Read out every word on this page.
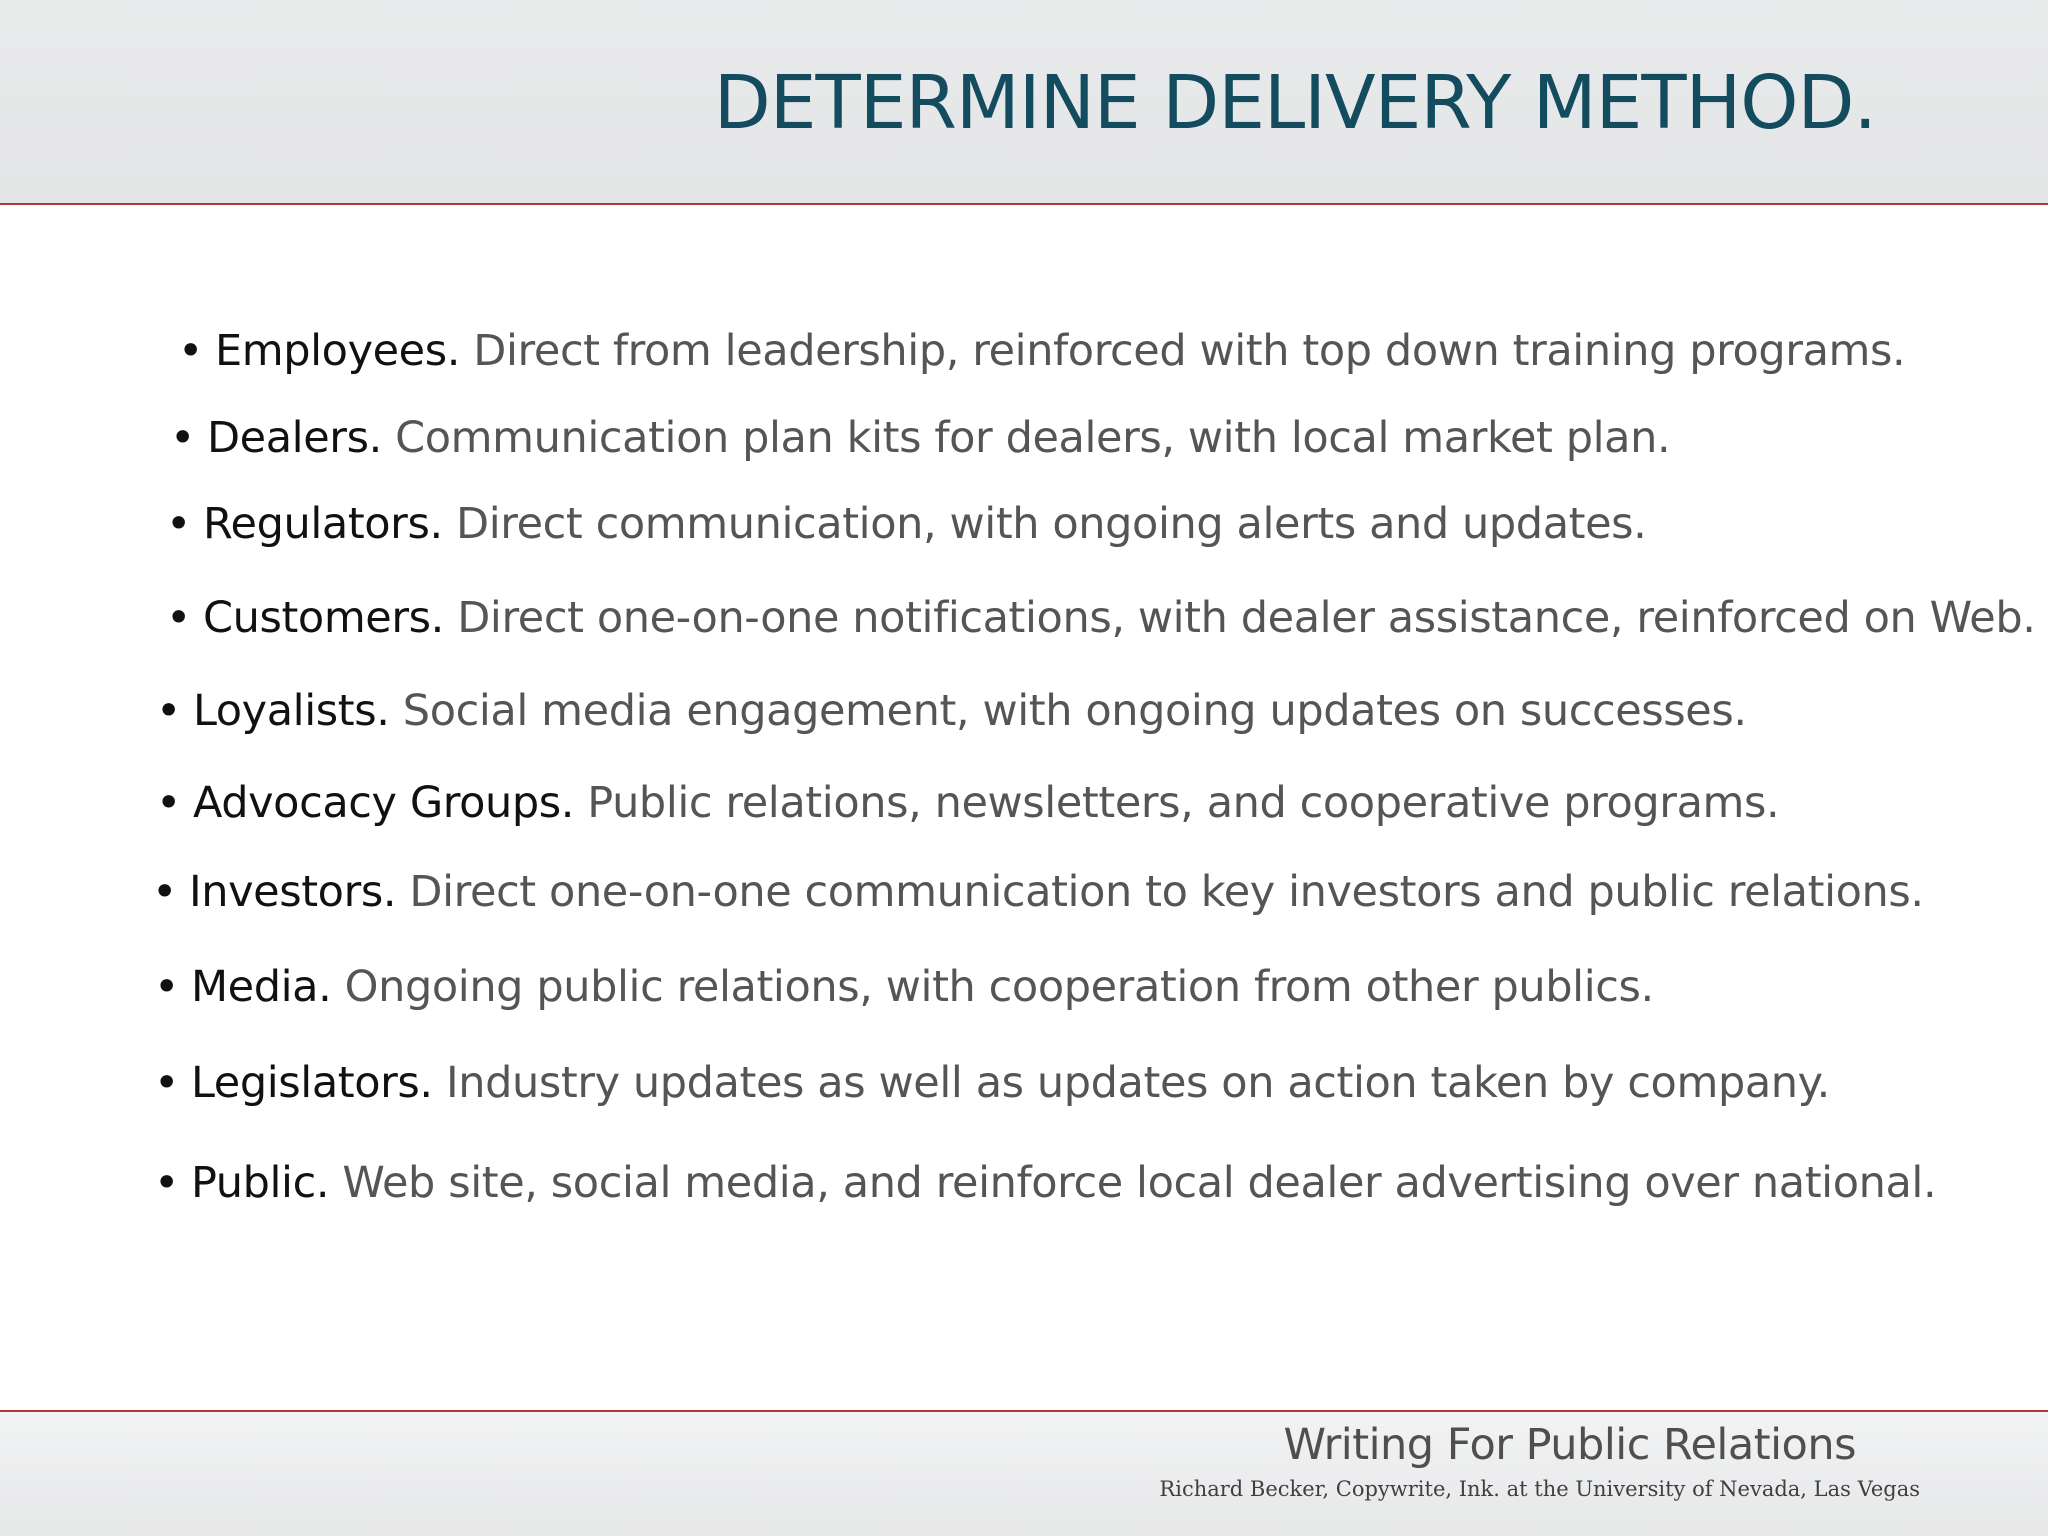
DETERMINE DELIVERY METHOD.
• Employees. Direct from leadership, reinforced with top down training programs.
• Dealers. Communication plan kits for dealers, with local market plan.
• Regulators. Direct communication, with ongoing alerts and updates.
• Customers. Direct one-on-one notifications, with dealer assistance, reinforced on Web.
• Loyalists. Social media engagement, with ongoing updates on successes.
• Advocacy Groups. Public relations, newsletters, and cooperative programs.
• Investors. Direct one-on-one communication to key investors and public relations.
• Media. Ongoing public relations, with cooperation from other publics.
• Legislators. Industry updates as well as updates on action taken by company.
• Public. Web site, social media, and reinforce local dealer advertising over national.
Writing For Public Relations
Richard Becker, Copywrite, Ink. at the University of Nevada, Las Vegas
